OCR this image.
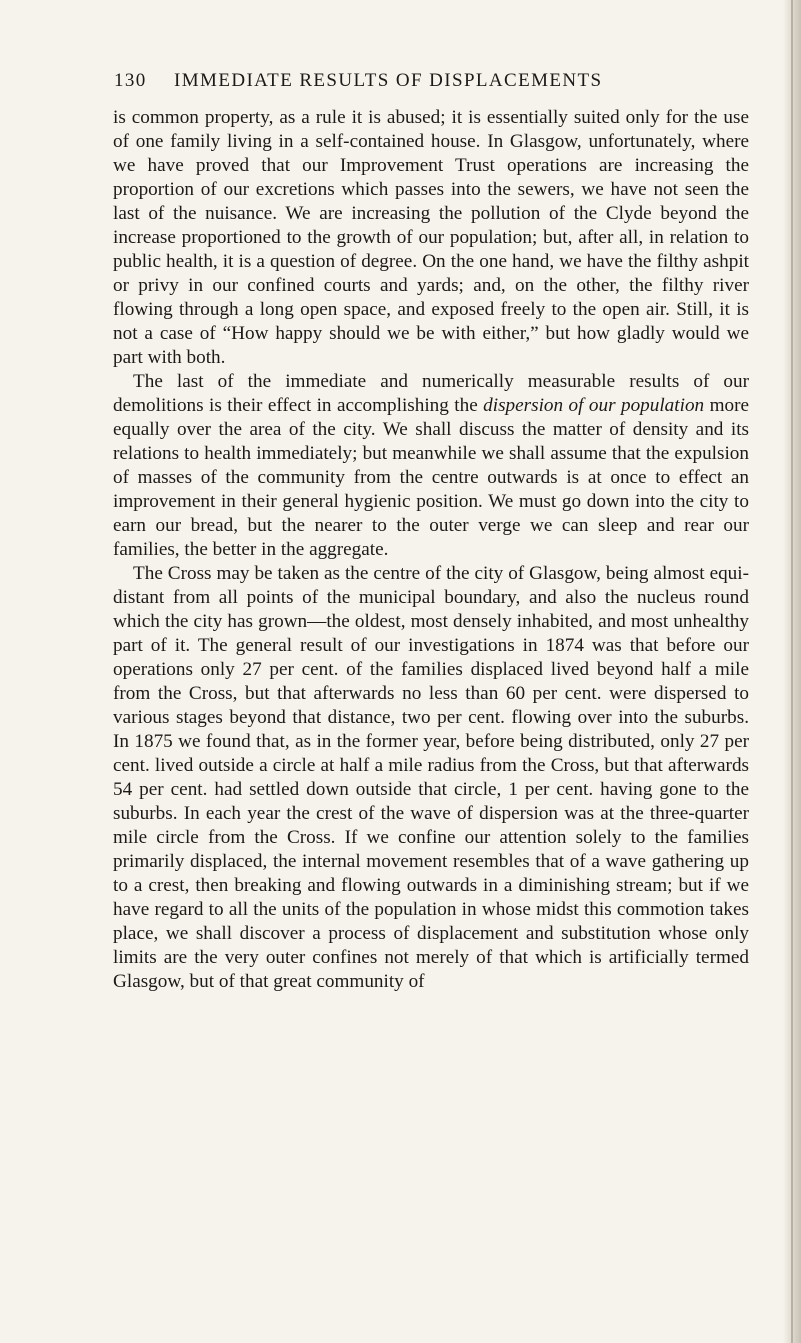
130	IMMEDIATE RESULTS OF DISPLACEMENTS

is common property, as a rule it is abused; it is essentially suited only for the use of one family living in a self-contained house. In Glasgow, unfortunately, where we have proved that our Improvement Trust operations are increasing the proportion of our excretions which passes into the sewers, we have not seen the last of the nuisance. We are increasing the pollution of the Clyde beyond the increase proportioned to the growth of our population; but, after all, in relation to public health, it is a question of degree. On the one hand, we have the filthy ashpit or privy in our confined courts and yards; and, on the other, the filthy river flowing through a long open space, and exposed freely to the open air. Still, it is not a case of “How happy should we be with either,” but how gladly would we part with both.

The last of the immediate and numerically measurable results of our demolitions is their effect in accomplishing the dispersion of our population more equally over the area of the city. We shall discuss the matter of density and its relations to health immediately; but meanwhile we shall assume that the expulsion of masses of the community from the centre outwards is at once to effect an improvement in their general hygienic position. We must go down into the city to earn our bread, but the nearer to the outer verge we can sleep and rear our families, the better in the aggregate.

The Cross may be taken as the centre of the city of Glasgow, being almost equi-distant from all points of the municipal boundary, and also the nucleus round which the city has grown—the oldest, most densely inhabited, and most unhealthy part of it. The general result of our investigations in 1874 was that before our operations only 27 per cent. of the families displaced lived beyond half a mile from the Cross, but that afterwards no less than 60 per cent. were dispersed to various stages beyond that distance, two per cent. flowing over into the suburbs. In 1875 we found that, as in the former year, before being distributed, only 27 per cent. lived outside a circle at half a mile radius from the Cross, but that afterwards 54 per cent. had settled down outside that circle, 1 per cent. having gone to the suburbs. In each year the crest of the wave of dispersion was at the three-quarter mile circle from the Cross. If we confine our attention solely to the families primarily displaced, the internal movement resembles that of a wave gathering up to a crest, then breaking and flowing outwards in a diminishing stream; but if we have regard to all the units of the population in whose midst this commotion takes place, we shall discover a process of displacement and substitution whose only limits are the very outer confines not merely of that which is artificially termed Glasgow, but of that great community of
